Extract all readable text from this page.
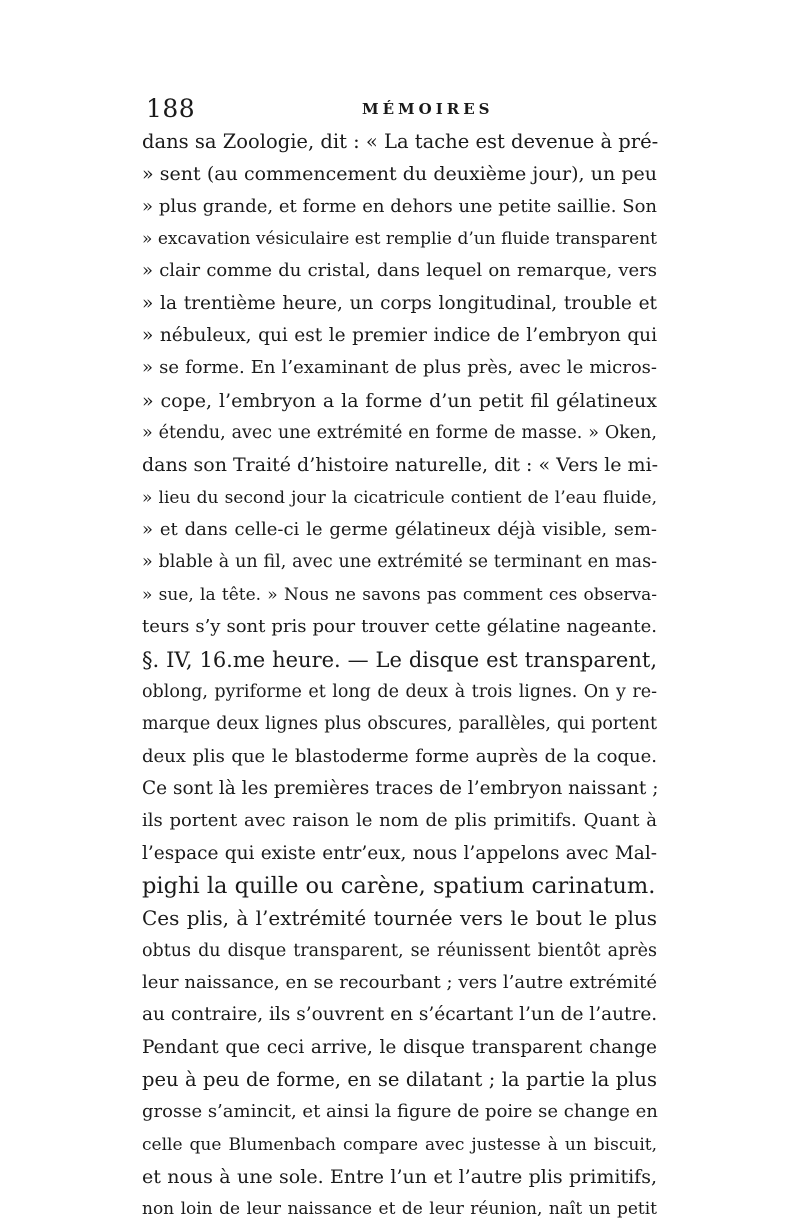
188	MÉMOIRES
dans sa Zoologie, dit : « La tache est devenue à pré-
» sent (au commencement du deuxième jour), un peu
» plus grande, et forme en dehors une petite saillie. Son
» excavation vésiculaire est remplie d’un fluide transparent
» clair comme du cristal, dans lequel on remarque, vers
» la trentième heure, un corps longitudinal, trouble et
» nébuleux, qui est le premier indice de l’embryon qui
» se forme. En l’examinant de plus près, avec le micros-
» cope, l’embryon a la forme d’un petit fil gélatineux
» étendu, avec une extrémité en forme de masse. » Oken,
dans son Traité d’histoire naturelle, dit : « Vers le mi-
» lieu du second jour la cicatricule contient de l’eau fluide,
» et dans celle-ci le germe gélatineux déjà visible, sem-
» blable à un fil, avec une extrémité se terminant en mas-
» sue, la tête. » Nous ne savons pas comment ces observa-
teurs s’y sont pris pour trouver cette gélatine nageante.
§. IV, 16.me heure. — Le disque est transparent,
oblong, pyriforme et long de deux à trois lignes. On y re-
marque deux lignes plus obscures, parallèles, qui portent
deux plis que le blastoderme forme auprès de la coque.
Ce sont là les premières traces de l’embryon naissant ;
ils portent avec raison le nom de plis primitifs. Quant à
l’espace qui existe entr’eux, nous l’appelons avec Mal-
pighi la quille ou carène, spatium carinatum.
Ces plis, à l’extrémité tournée vers le bout le plus
obtus du disque transparent, se réunissent bientôt après
leur naissance, en se recourbant ; vers l’autre extrémité
au contraire, ils s’ouvrent en s’écartant l’un de l’autre.
Pendant que ceci arrive, le disque transparent change
peu à peu de forme, en se dilatant ; la partie la plus
grosse s’amincit, et ainsi la figure de poire se change en
celle que Blumenbach compare avec justesse à un biscuit,
et nous à une sole. Entre l’un et l’autre plis primitifs,
non loin de leur naissance et de leur réunion, naît un petit
